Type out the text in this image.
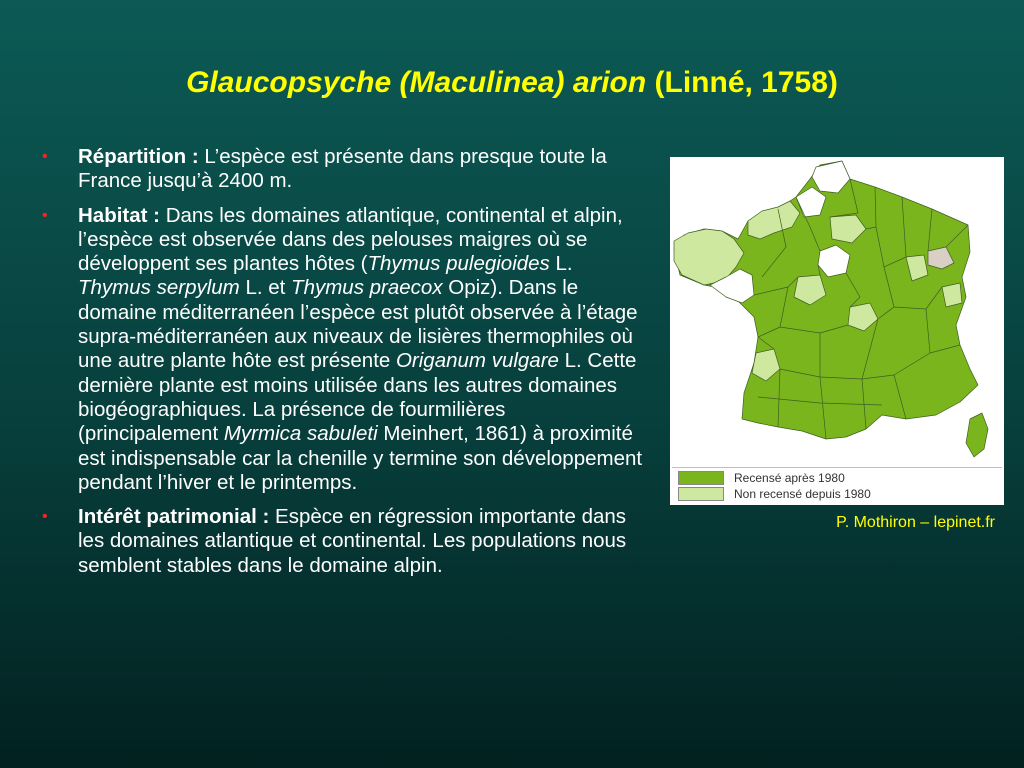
Glaucopsyche (Maculinea) arion (Linné, 1758)
• Répartition : L’espèce est présente dans presque toute la France jusqu’à 2400 m.
• Habitat : Dans les domaines atlantique, continental et alpin, l’espèce est observée dans des pelouses maigres où se développent ses plantes hôtes (Thymus pulegioides L. Thymus serpylum L. et Thymus praecox Opiz). Dans le domaine méditerranéen l’espèce est plutôt observée à l’étage supra-méditerranéen aux niveaux de lisières thermophiles où une autre plante hôte est présente Origanum vulgare L. Cette dernière plante est moins utilisée dans les autres domaines biogéographiques. La présence de fourmilières (principalement Myrmica sabuleti Meinhert, 1861) à proximité est indispensable car la chenille y termine son développement pendant l’hiver et le printemps.
• Intérêt patrimonial : Espèce en régression importante dans les domaines atlantique et continental. Les populations nous semblent stables dans le domaine alpin.
Recensé après 1980
Non recensé depuis 1980
P. Mothiron – lepinet.fr
